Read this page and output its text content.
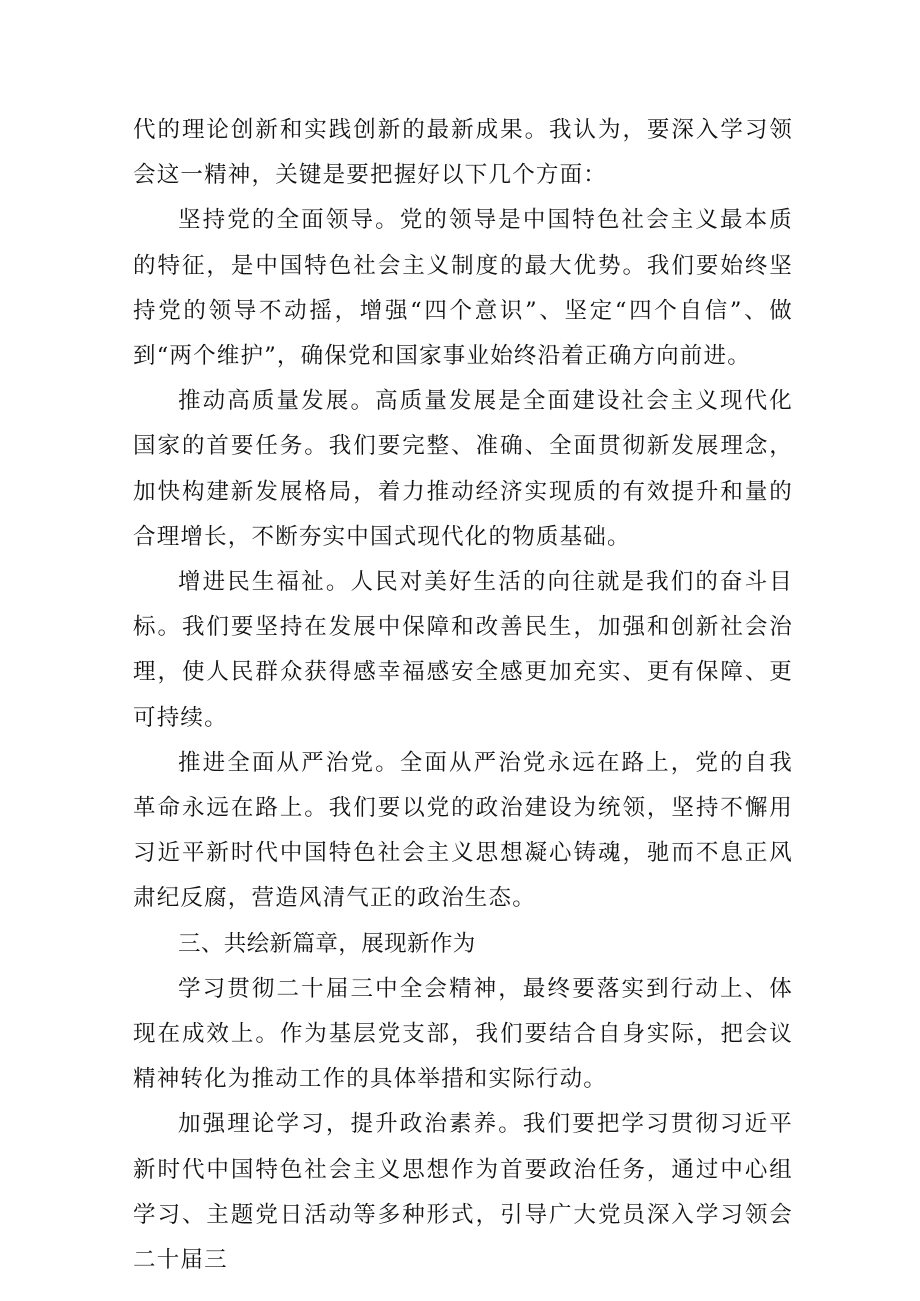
代的理论创新和实践创新的最新成果。我认为，要深入学习领会这一精神，关键是要把握好以下几个方面：

坚持党的全面领导。党的领导是中国特色社会主义最本质的特征，是中国特色社会主义制度的最大优势。我们要始终坚持党的领导不动摇，增强“四个意识”、坚定“四个自信”、做到“两个维护”，确保党和国家事业始终沿着正确方向前进。

推动高质量发展。高质量发展是全面建设社会主义现代化国家的首要任务。我们要完整、准确、全面贯彻新发展理念，加快构建新发展格局，着力推动经济实现质的有效提升和量的合理增长，不断夯实中国式现代化的物质基础。

增进民生福祉。人民对美好生活的向往就是我们的奋斗目标。我们要坚持在发展中保障和改善民生，加强和创新社会治理，使人民群众获得感幸福感安全感更加充实、更有保障、更可持续。

推进全面从严治党。全面从严治党永远在路上，党的自我革命永远在路上。我们要以党的政治建设为统领，坚持不懈用习近平新时代中国特色社会主义思想凝心铸魂，驰而不息正风肃纪反腐，营造风清气正的政治生态。

三、共绘新篇章，展现新作为

学习贯彻二十届三中全会精神，最终要落实到行动上、体现在成效上。作为基层党支部，我们要结合自身实际，把会议精神转化为推动工作的具体举措和实际行动。

加强理论学习，提升政治素养。我们要把学习贯彻习近平新时代中国特色社会主义思想作为首要政治任务，通过中心组学习、主题党日活动等多种形式，引导广大党员深入学习领会二十届三
